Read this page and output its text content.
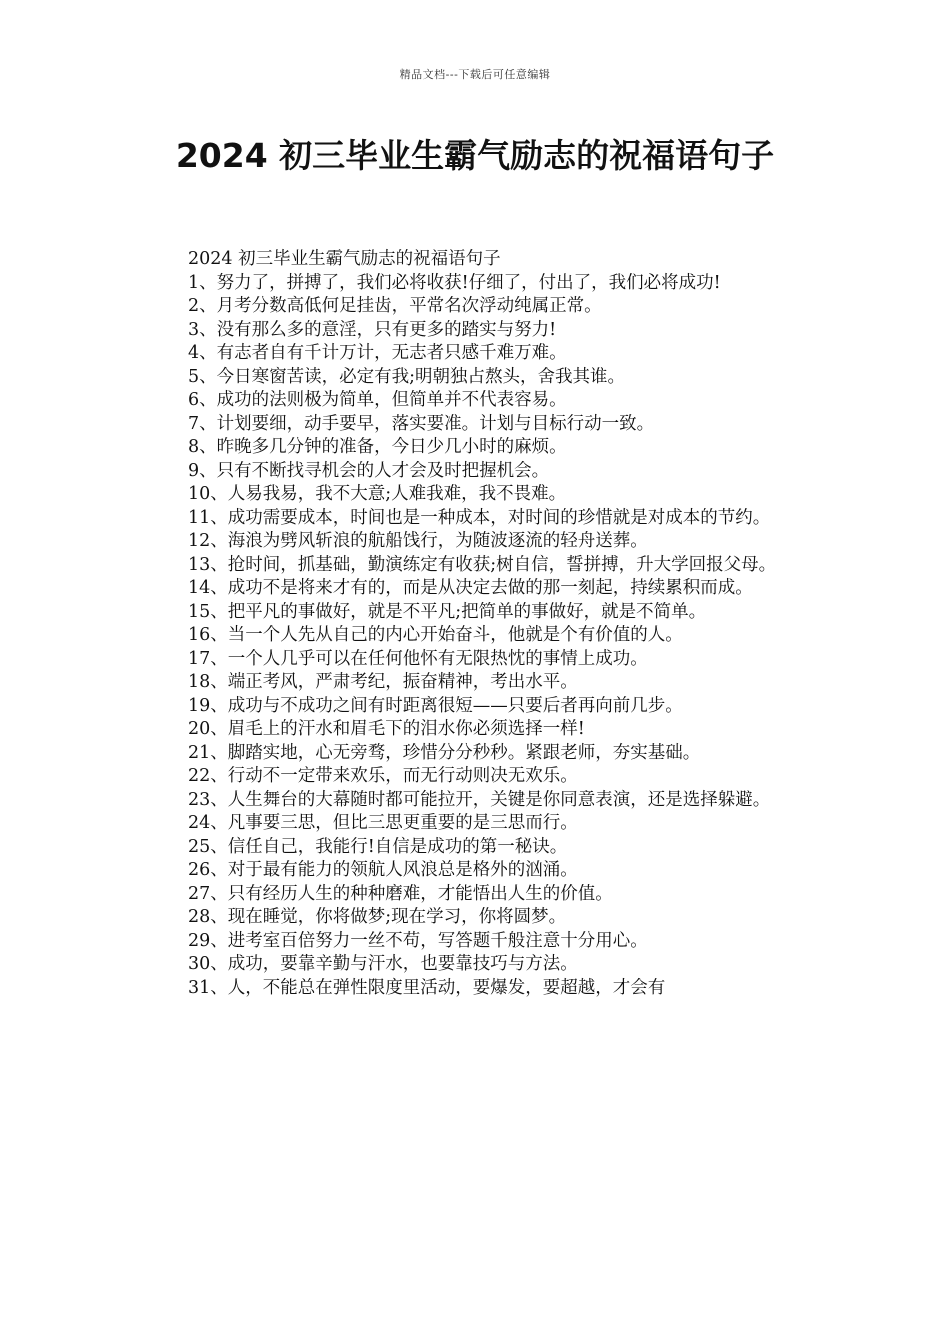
精品文档---下载后可任意编辑
2024 初三毕业生霸气励志的祝福语句子

2024 初三毕业生霸气励志的祝福语句子

1、努力了，拼搏了，我们必将收获!仔细了，付出了，我们必将成功!

2、月考分数高低何足挂齿，平常名次浮动纯属正常。

3、没有那么多的意淫，只有更多的踏实与努力!

4、有志者自有千计万计，无志者只感千难万难。

5、今日寒窗苦读，必定有我;明朝独占熬头，舍我其谁。

6、成功的法则极为简单，但简单并不代表容易。

7、计划要细，动手要早，落实要准。计划与目标行动一致。

8、昨晚多几分钟的准备，今日少几小时的麻烦。

9、只有不断找寻机会的人才会及时把握机会。

10、人易我易，我不大意;人难我难，我不畏难。

11、成功需要成本，时间也是一种成本，对时间的珍惜就是对成本的节约。

12、海浪为劈风斩浪的航船饯行，为随波逐流的轻舟送葬。

13、抢时间，抓基础，勤演练定有收获;树自信，誓拼搏，升大学回报父母。

14、成功不是将来才有的，而是从决定去做的那一刻起，持续累积而成。

15、把平凡的事做好，就是不平凡;把简单的事做好，就是不简单。

16、当一个人先从自己的内心开始奋斗，他就是个有价值的人。

17、一个人几乎可以在任何他怀有无限热忱的事情上成功。

18、端正考风，严肃考纪，振奋精神，考出水平。

19、成功与不成功之间有时距离很短——只要后者再向前几步。

20、眉毛上的汗水和眉毛下的泪水你必须选择一样!

21、脚踏实地，心无旁骛，珍惜分分秒秒。紧跟老师，夯实基础。

22、行动不一定带来欢乐，而无行动则决无欢乐。

23、人生舞台的大幕随时都可能拉开，关键是你同意表演，还是选择躲避。

24、凡事要三思，但比三思更重要的是三思而行。

25、信任自己，我能行!自信是成功的第一秘诀。

26、对于最有能力的领航人风浪总是格外的汹涌。

27、只有经历人生的种种磨难，才能悟出人生的价值。

28、现在睡觉，你将做梦;现在学习，你将圆梦。

29、进考室百倍努力一丝不苟，写答题千般注意十分用心。

30、成功，要靠辛勤与汗水，也要靠技巧与方法。

31、人，不能总在弹性限度里活动，要爆发，要超越，才会有
